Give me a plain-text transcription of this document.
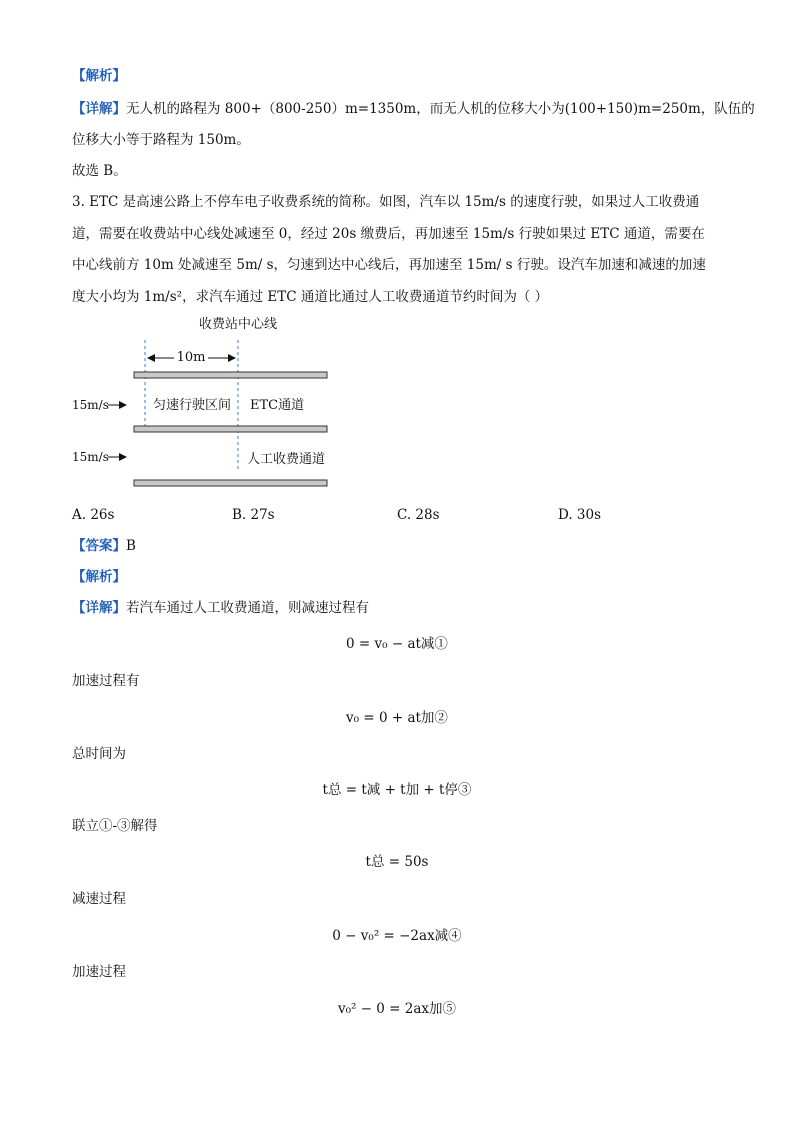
【解析】
【详解】无人机的路程为 800+（800-250）m=1350m，而无人机的位移大小为(100+150)m=250m，队伍的
位移大小等于路程为 150m。
故选 B。
3. ETC 是高速公路上不停车电子收费系统的简称。如图，汽车以 15m/s 的速度行驶，如果过人工收费通
道，需要在收费站中心线处减速至 0，经过 20s 缴费后，再加速至 15m/s 行驶如果过 ETC 通道，需要在
中心线前方 10m 处减速至 5m/ s，匀速到达中心线后，再加速至 15m/ s 行驶。设汽车加速和减速的加速
度大小均为 1m/s²，求汽车通过 ETC 通道比通过人工收费通道节约时间为（ ）
收费站中心线
10m
15m/s
15m/s
匀速行驶区间 ETC通道
人工收费通道
A. 26s	B. 27s	C. 28s	D. 30s
【答案】B
【解析】
【详解】若汽车通过人工收费通道，则减速过程有
0 = v₀ − at减①
加速过程有
v₀ = 0 + at加②
总时间为
t总 = t减 + t加 + t停③
联立①-③解得
t总 = 50s
减速过程
0 − v₀² = −2ax减④
加速过程
v₀² − 0 = 2ax加⑤
